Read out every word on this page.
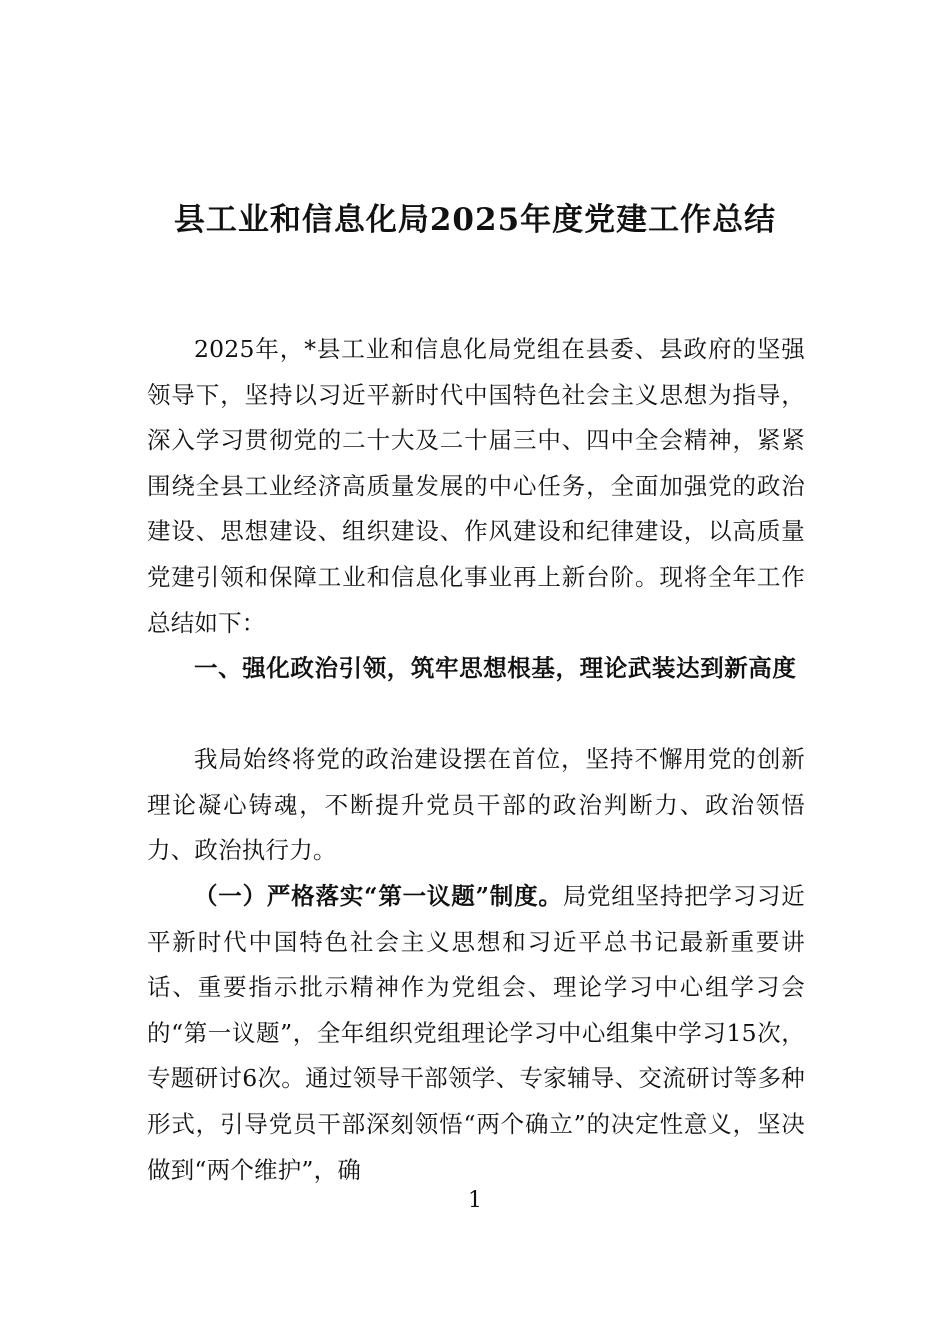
县工业和信息化局2025年度党建工作总结

2025年，*县工业和信息化局党组在县委、县政府的坚强领导下，坚持以习近平新时代中国特色社会主义思想为指导，深入学习贯彻党的二十大及二十届三中、四中全会精神，紧紧围绕全县工业经济高质量发展的中心任务，全面加强党的政治建设、思想建设、组织建设、作风建设和纪律建设，以高质量党建引领和保障工业和信息化事业再上新台阶。现将全年工作总结如下：

一、强化政治引领，筑牢思想根基，理论武装达到新高度

我局始终将党的政治建设摆在首位，坚持不懈用党的创新理论凝心铸魂，不断提升党员干部的政治判断力、政治领悟力、政治执行力。

（一）严格落实“第一议题”制度。局党组坚持把学习习近平新时代中国特色社会主义思想和习近平总书记最新重要讲话、重要指示批示精神作为党组会、理论学习中心组学习会的“第一议题”，全年组织党组理论学习中心组集中学习15次，专题研讨6次。通过领导干部领学、专家辅导、交流研讨等多种形式，引导党员干部深刻领悟“两个确立”的决定性意义，坚决做到“两个维护”，确

1
